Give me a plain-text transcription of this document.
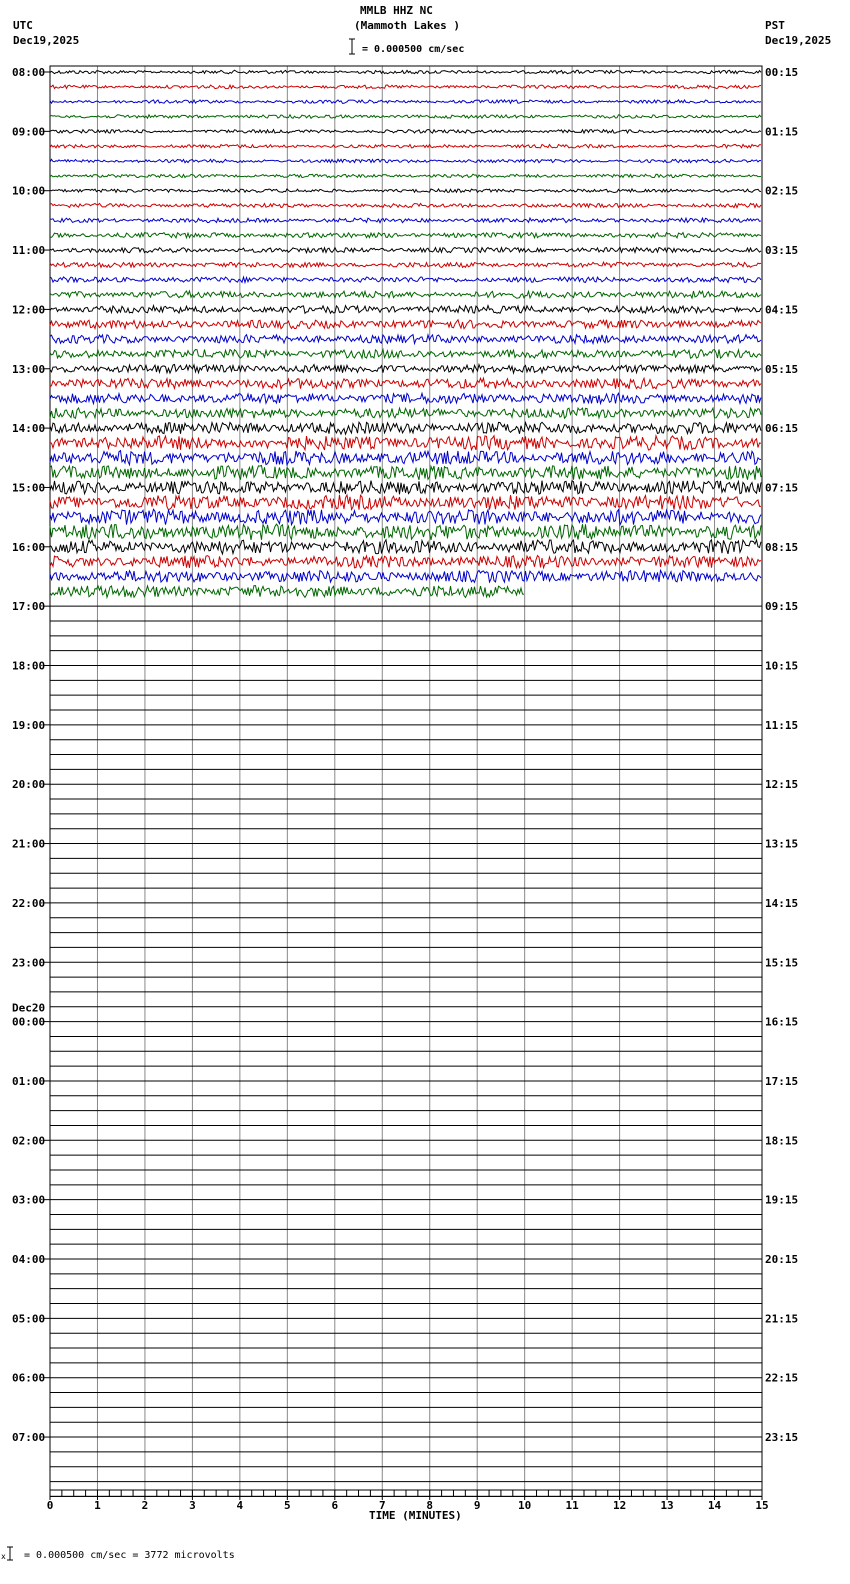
MMLB HHZ NC
(Mammoth Lakes )
= 0.000500 cm/sec
UTC
Dec19,2025
PST
Dec19,2025
08:00	00:15
09:00	01:15
10:00	02:15
11:00	03:15
12:00	04:15
13:00	05:15
14:00	06:15
15:00	07:15
16:00	08:15
17:00	09:15
18:00	10:15
19:00	11:15
20:00	12:15
21:00	13:15
22:00	14:15
23:00	15:15
00:00	16:15
01:00	17:15
02:00	18:15
03:00	19:15
04:00	20:15
05:00	21:15
06:00	22:15
07:00	23:15
Dec20
0	1	2	3	4	5	6	7	8	9	10	11	12	13	14	15
TIME (MINUTES)
x = 0.000500 cm/sec = 3772 microvolts
